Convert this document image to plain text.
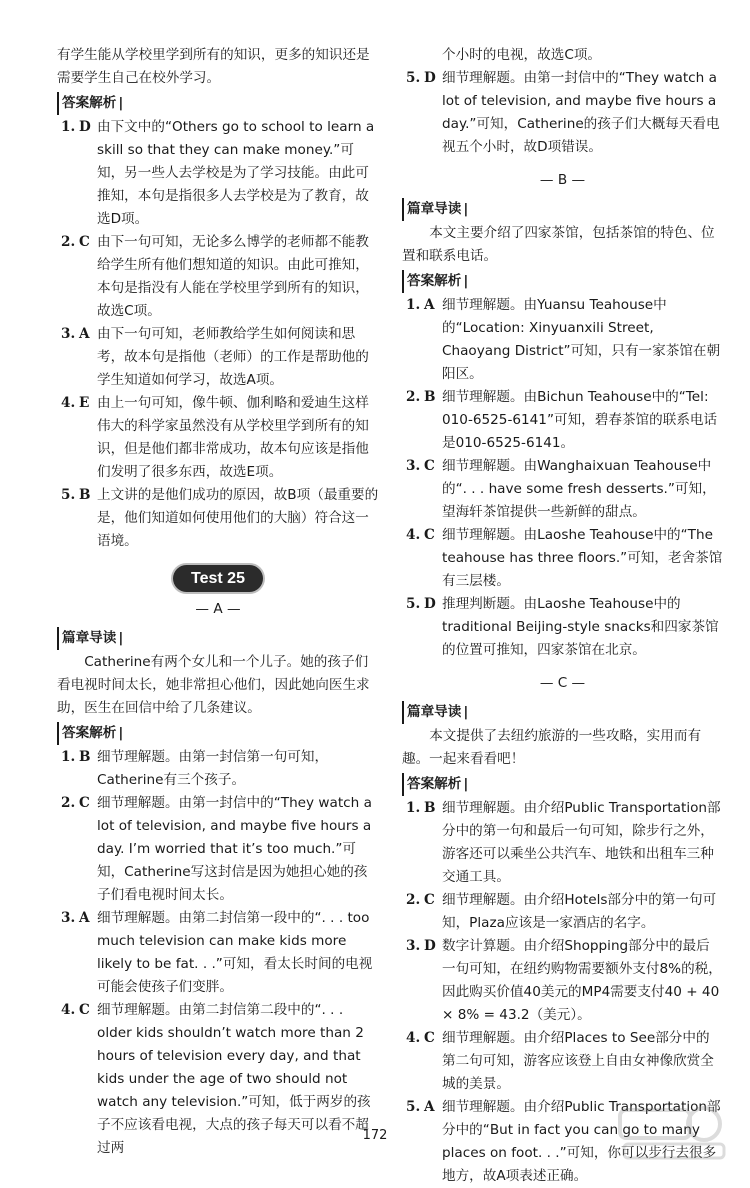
有学生能从学校里学到所有的知识，更多的知识还是需要学生自己在校外学习。

答案解析 |
1. D 由下文中的“Others go to school to learn a skill so that they can make money.”可知，另一些人去学校是为了学习技能。由此可推知，本句是指很多人去学校是为了教育，故选D项。

2. C 由下一句可知，无论多么博学的老师都不能教给学生所有他们想知道的知识。由此可推知，本句是指没有人能在学校里学到所有的知识，故选C项。

3. A 由下一句可知，老师教给学生如何阅读和思考，故本句是指他（老师）的工作是帮助他的学生知道如何学习，故选A项。

4. E 由上一句可知，像牛顿、伽利略和爱迪生这样伟大的科学家虽然没有从学校里学到所有的知识，但是他们都非常成功，故本句应该是指他们发明了很多东西，故选E项。

5. B 上文讲的是他们成功的原因，故B项（最重要的是，他们知道如何使用他们的大脑）符合这一语境。

Test 25
— A —
篇章导读 |

Catherine有两个女儿和一个儿子。她的孩子们看电视时间太长，她非常担心他们，因此她向医生求助，医生在回信中给了几条建议。

答案解析 |
1. B 细节理解题。由第一封信第一句可知，Catherine有三个孩子。

2. C 细节理解题。由第一封信中的“They watch a lot of television, and maybe five hours a day. I’m worried that it’s too much.”可知，Catherine写这封信是因为她担心她的孩子们看电视时间太长。

3. A 细节理解题。由第二封信第一段中的“. . . too much television can make kids more likely to be fat. . .”可知，看太长时间的电视可能会使孩子们变胖。

4. C 细节理解题。由第二封信第二段中的“. . . older kids shouldn’t watch more than 2 hours of television every day, and that kids under the age of two should not watch any television.”可知，低于两岁的孩子不应该看电视，大点的孩子每天可以看不超过两

个小时的电视，故选C项。

5. D 细节理解题。由第一封信中的“They watch a lot of television, and maybe five hours a day.”可知，Catherine的孩子们大概每天看电视五个小时，故D项错误。

— B —
篇章导读 |

本文主要介绍了四家茶馆，包括茶馆的特色、位置和联系电话。

答案解析 |
1. A 细节理解题。由Yuansu Teahouse中的“Location: Xinyuanxili Street, Chaoyang District”可知，只有一家茶馆在朝阳区。

2. B 细节理解题。由Bichun Teahouse中的“Tel: 010-6525-6141”可知，碧春茶馆的联系电话是010-6525-6141。

3. C 细节理解题。由Wanghaixuan Teahouse中的“. . . have some fresh desserts.”可知，望海轩茶馆提供一些新鲜的甜点。

4. C 细节理解题。由Laoshe Teahouse中的“The teahouse has three floors.”可知，老舍茶馆有三层楼。

5. D 推理判断题。由Laoshe Teahouse中的traditional Beijing-style snacks和四家茶馆的位置可推知，四家茶馆在北京。

— C —
篇章导读 |

本文提供了去纽约旅游的一些攻略，实用而有趣。一起来看看吧！

答案解析 |
1. B 细节理解题。由介绍Public Transportation部分中的第一句和最后一句可知，除步行之外，游客还可以乘坐公共汽车、地铁和出租车三种交通工具。

2. C 细节理解题。由介绍Hotels部分中的第一句可知，Plaza应该是一家酒店的名字。

3. D 数字计算题。由介绍Shopping部分中的最后一句可知，在纽约购物需要额外支付8%的税，因此购买价值40美元的MP4需要支付40 + 40 × 8% = 43.2（美元）。

4. C 细节理解题。由介绍Places to See部分中的第二句可知，游客应该登上自由女神像欣赏全城的美景。

5. A 细节理解题。由介绍Public Transportation部分中的“But in fact you can go to many places on foot. . .”可知，你可以步行去很多地方，故A项表述正确。

172
